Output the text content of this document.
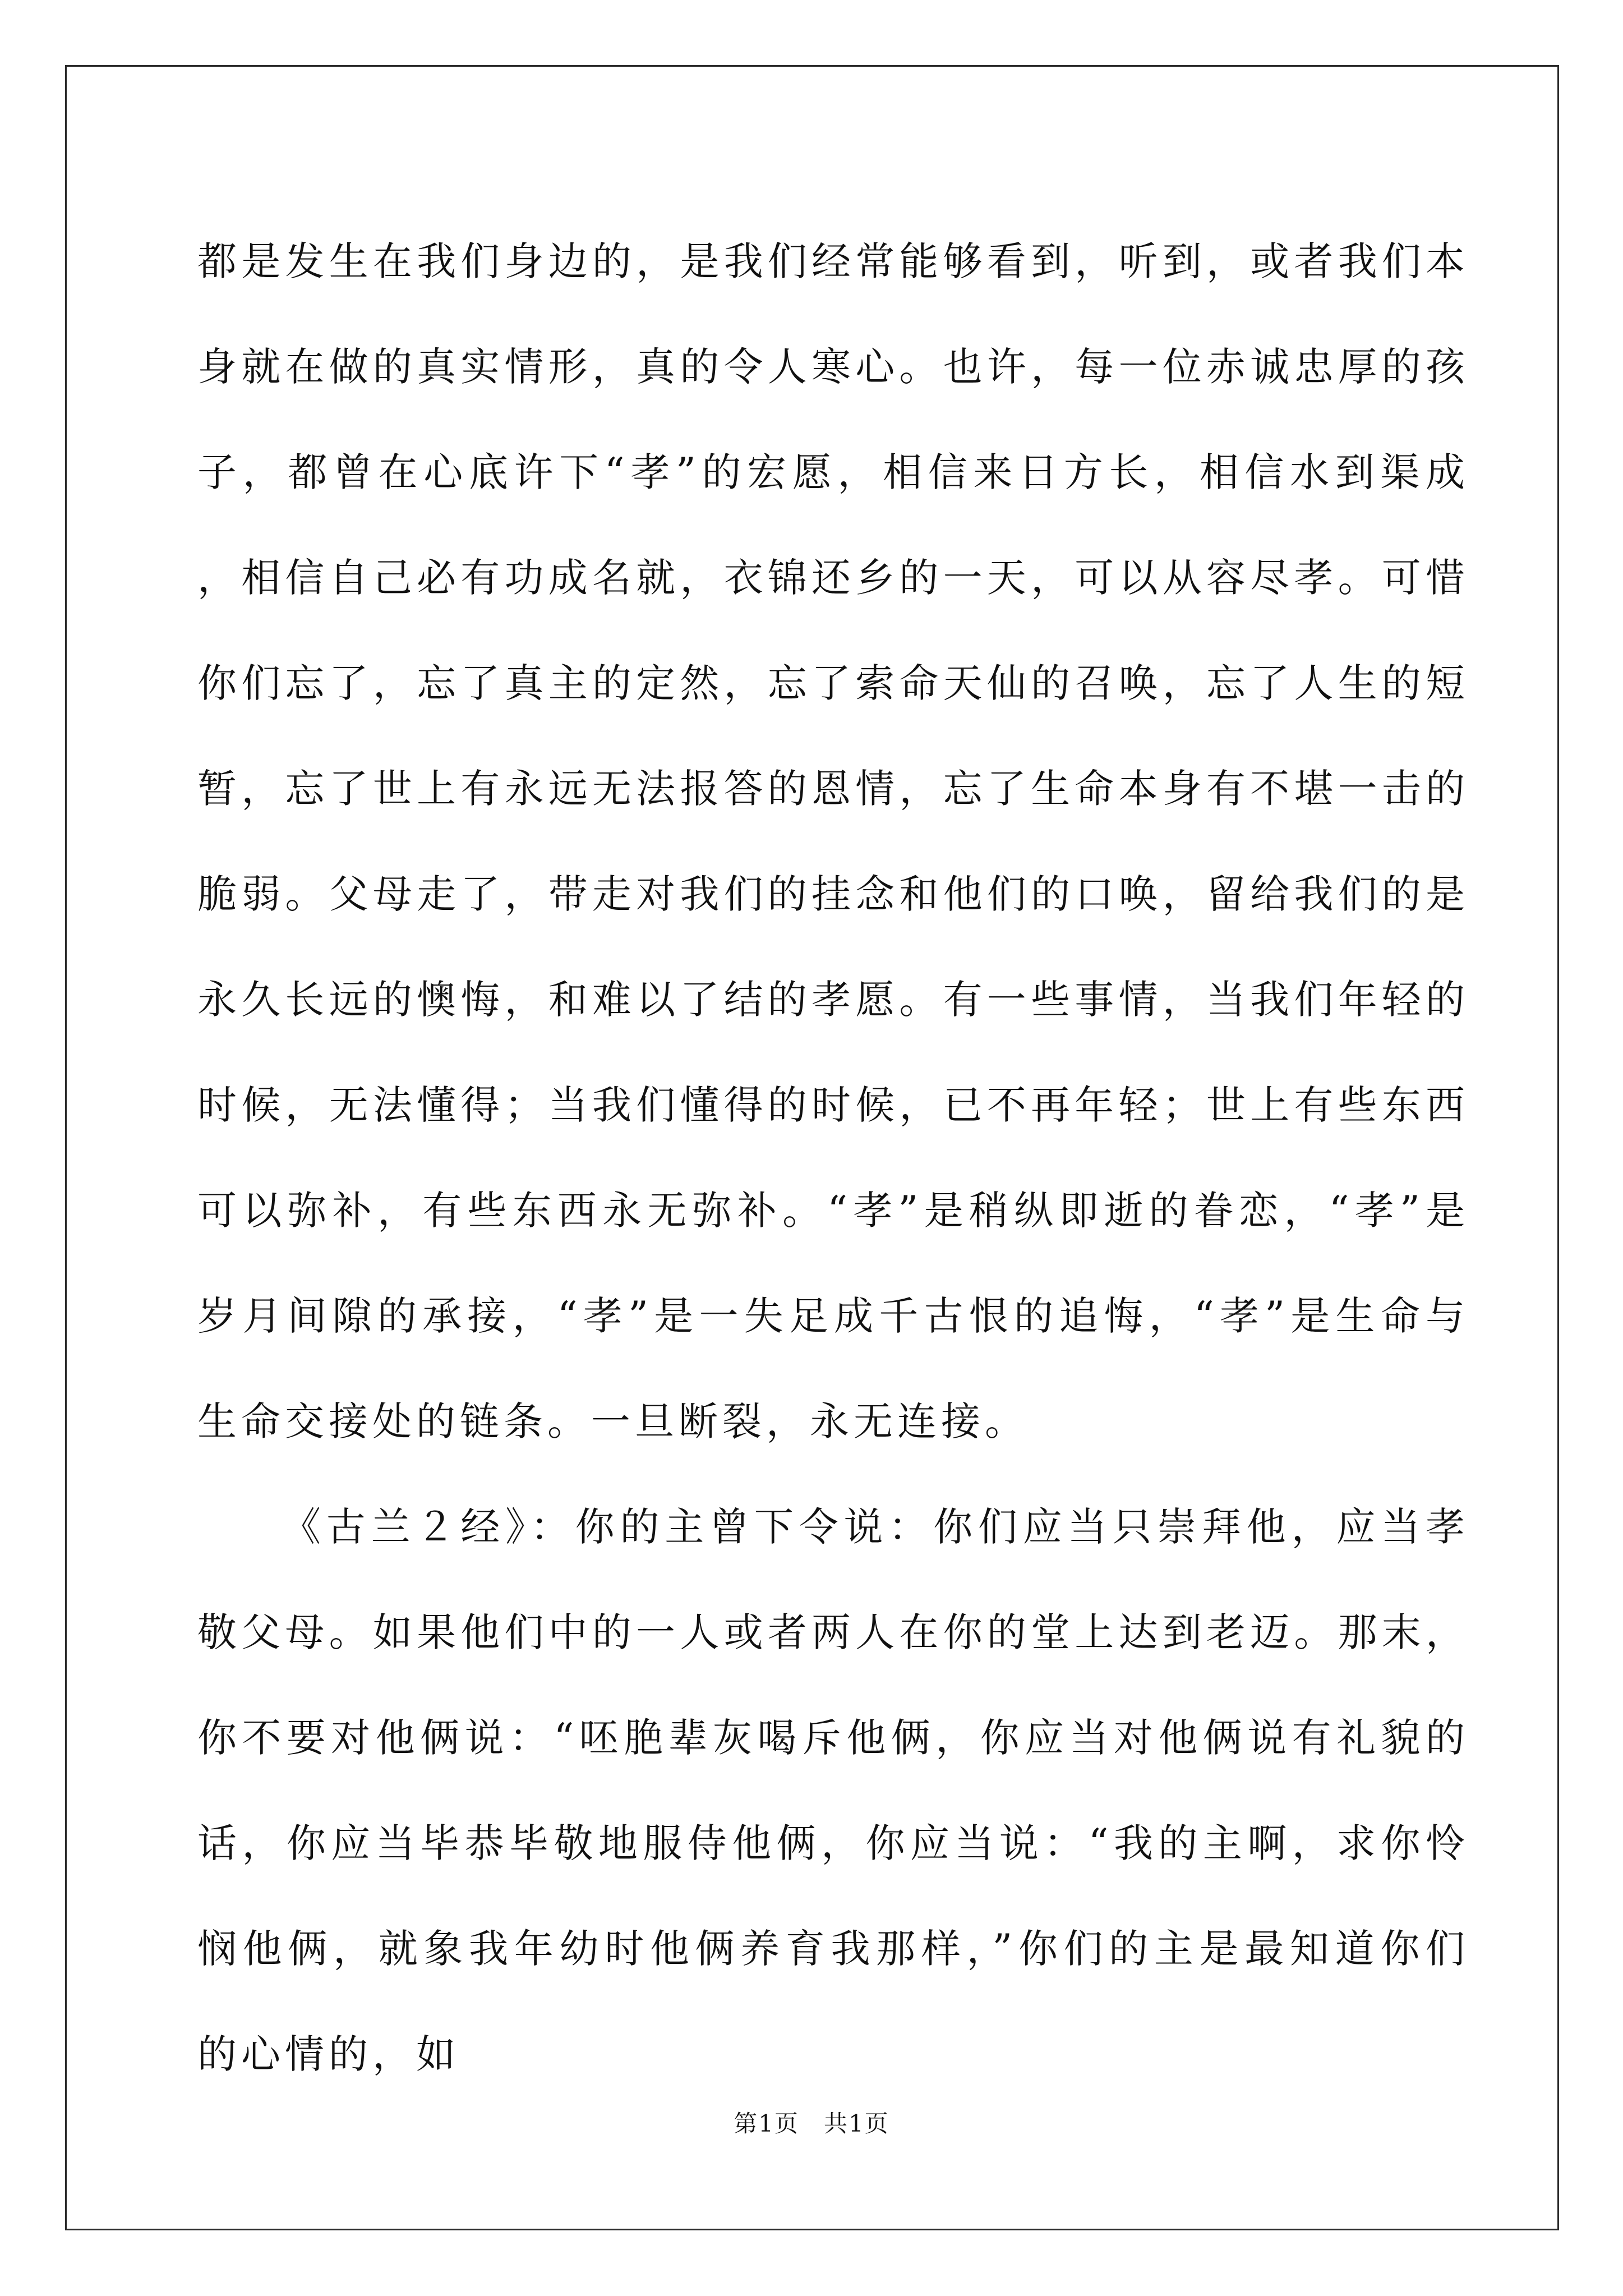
都是发生在我们身边的，是我们经常能够看到，听到，或者我们本身就在做的真实情形，真的令人寒心。也许，每一位赤诚忠厚的孩子，都曾在心底许下“孝”的宏愿，相信来日方长，相信水到渠成，相信自己必有功成名就，衣锦还乡的一天，可以从容尽孝。可惜你们忘了，忘了真主的定然，忘了索命天仙的召唤，忘了人生的短暂，忘了世上有永远无法报答的恩情，忘了生命本身有不堪一击的脆弱。父母走了，带走对我们的挂念和他们的口唤，留给我们的是永久长远的懊悔，和难以了结的孝愿。有一些事情，当我们年轻的时候，无法懂得；当我们懂得的时候，已不再年轻；世上有些东西可以弥补，有些东西永无弥补。“孝”是稍纵即逝的眷恋，“孝”是岁月间隙的承接，“孝”是一失足成千古恨的追悔，“孝”是生命与生命交接处的链条。一旦断裂，永无连接。

《古兰２经》：你的主曾下令说：你们应当只崇拜他，应当孝敬父母。如果他们中的一人或者两人在你的堂上达到老迈。那末，你不要对他俩说：“呸脃辈灰喝斥他俩，你应当对他俩说有礼貌的话，你应当毕恭毕敬地服侍他俩，你应当说：“我的主啊，求你怜悯他俩，就象我年幼时他俩养育我那样，”你们的主是最知道你们的心情的，如

第1页　共1页
